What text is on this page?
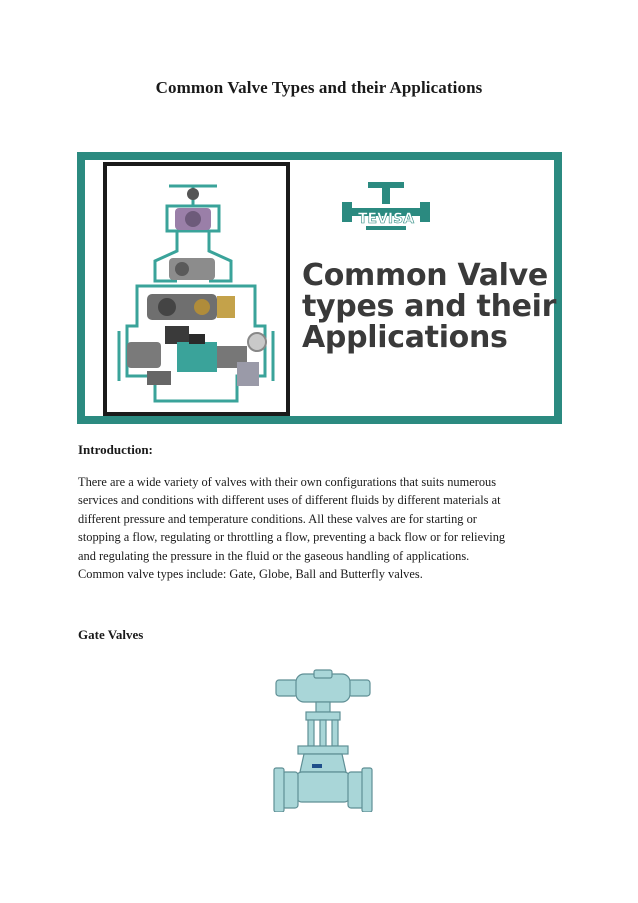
Common Valve Types and their Applications
TEVISA
Common Valve
types and their
Applications
Introduction:
There are a wide variety of valves with their own configurations that suits numerous
services and conditions with different uses of different fluids by different materials at
different pressure and temperature conditions. All these valves are for starting or
stopping a flow, regulating or throttling a flow, preventing a back flow or for relieving
and regulating the pressure in the fluid or the gaseous handling of applications.
Common valve types include: Gate, Globe, Ball and Butterfly valves.
Gate Valves
